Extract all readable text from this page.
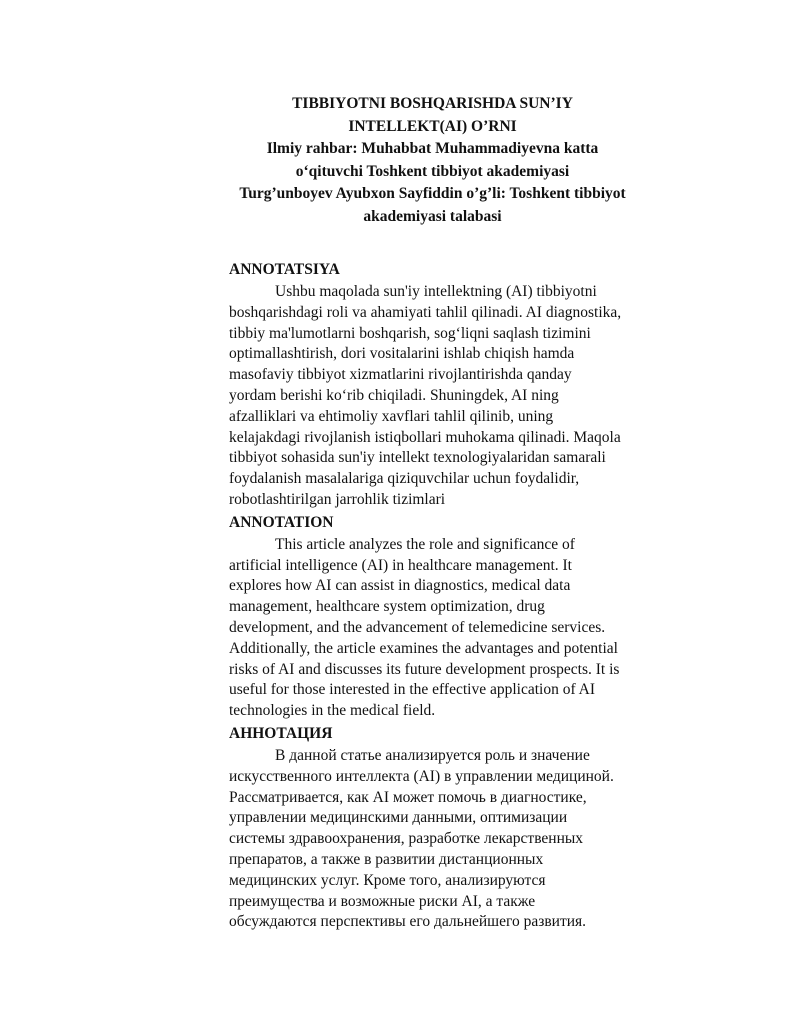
TIBBIYOTNI BOSHQARISHDA SUN’IY
INTELLEKT(AI) O’RNI
Ilmiy rahbar: Muhabbat Muhammadiyevna katta
o‘qituvchi Toshkent tibbiyot akademiyasi
Turg’unboyev Ayubxon Sayfiddin o’g’li: Toshkent tibbiyot
akademiyasi talabasi
ANNOTATSIYA
Ushbu maqolada sun'iy intellektning (AI) tibbiyotni
boshqarishdagi roli va ahamiyati tahlil qilinadi. AI diagnostika,
tibbiy ma'lumotlarni boshqarish, sog‘liqni saqlash tizimini
optimallashtirish, dori vositalarini ishlab chiqish hamda
masofaviy tibbiyot xizmatlarini rivojlantirishda qanday
yordam berishi ko‘rib chiqiladi. Shuningdek, AI ning
afzalliklari va ehtimoliy xavflari tahlil qilinib, uning
kelajakdagi rivojlanish istiqbollari muhokama qilinadi. Maqola
tibbiyot sohasida sun'iy intellekt texnologiyalaridan samarali
foydalanish masalalariga qiziquvchilar uchun foydalidir,
robotlashtirilgan jarrohlik tizimlari
ANNOTATION
This article analyzes the role and significance of
artificial intelligence (AI) in healthcare management. It
explores how AI can assist in diagnostics, medical data
management, healthcare system optimization, drug
development, and the advancement of telemedicine services.
Additionally, the article examines the advantages and potential
risks of AI and discusses its future development prospects. It is
useful for those interested in the effective application of AI
technologies in the medical field.
АННОТАЦИЯ
В данной статье анализируется роль и значение
искусственного интеллекта (AI) в управлении медициной.
Рассматривается, как AI может помочь в диагностике,
управлении медицинскими данными, оптимизации
системы здравоохранения, разработке лекарственных
препаратов, а также в развитии дистанционных
медицинских услуг. Кроме того, анализируются
преимущества и возможные риски AI, а также
обсуждаются перспективы его дальнейшего развития.
